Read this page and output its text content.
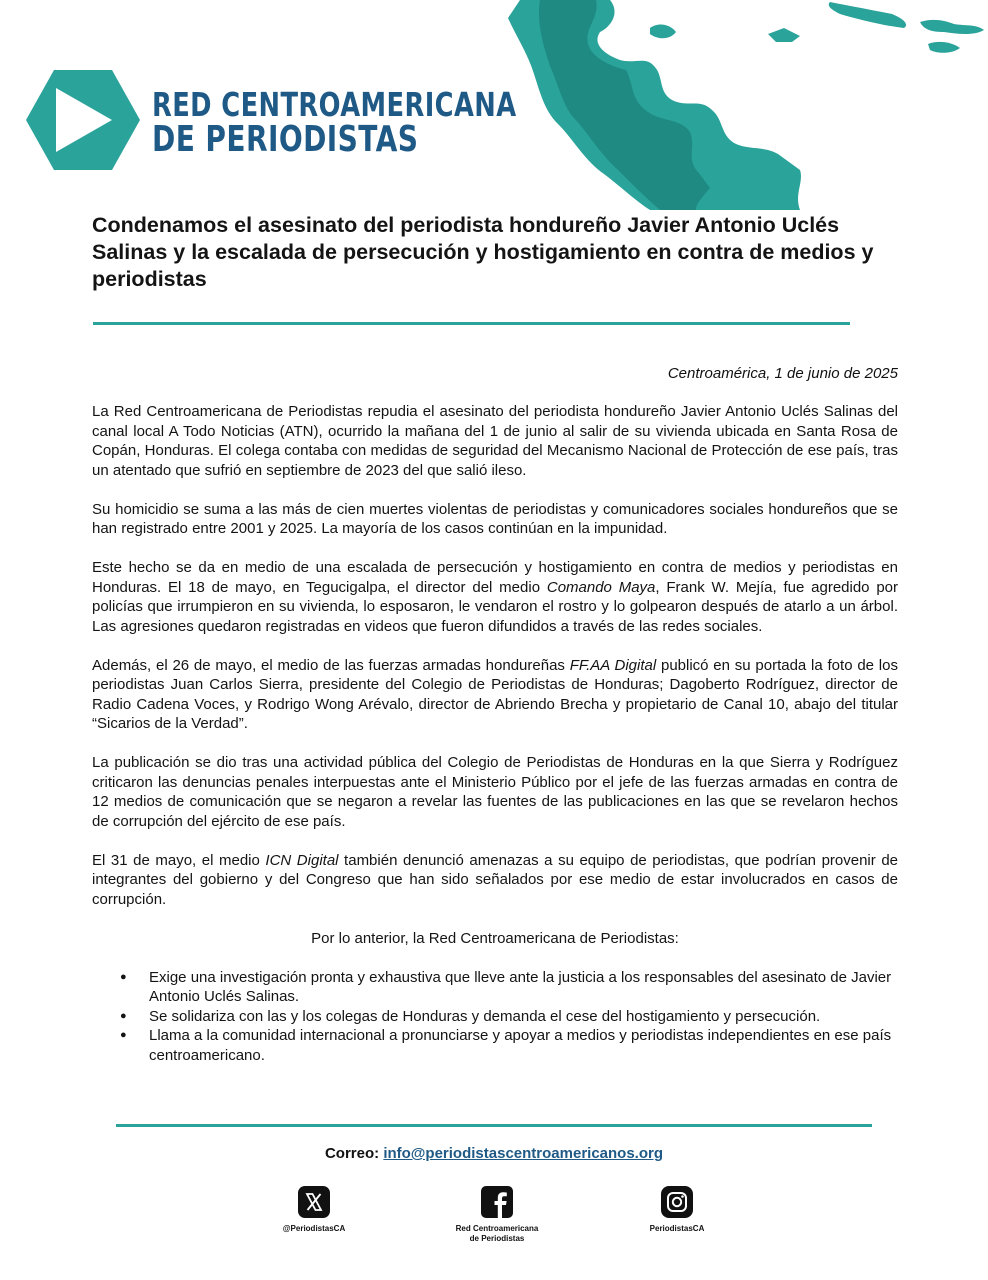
RED CENTROAMERICANA
DE PERIODISTAS
Condenamos el asesinato del periodista hondureño Javier Antonio Uclés Salinas y la escalada de persecución y hostigamiento en contra de medios y periodistas
Centroamérica, 1 de junio de 2025

La Red Centroamericana de Periodistas repudia el asesinato del periodista hondureño Javier Antonio Uclés Salinas del canal local A Todo Noticias (ATN), ocurrido la mañana del 1 de junio al salir de su vivienda ubicada en Santa Rosa de Copán, Honduras. El colega contaba con medidas de seguridad del Mecanismo Nacional de Protección de ese país, tras un atentado que sufrió en septiembre de 2023 del que salió ileso.

Su homicidio se suma a las más de cien muertes violentas de periodistas y comunicadores sociales hondureños que se han registrado entre 2001 y 2025. La mayoría de los casos continúan en la impunidad.

Este hecho se da en medio de una escalada de persecución y hostigamiento en contra de medios y periodistas en Honduras. El 18 de mayo, en Tegucigalpa, el director del medio Comando Maya, Frank W. Mejía, fue agredido por policías que irrumpieron en su vivienda, lo esposaron, le vendaron el rostro y lo golpearon después de atarlo a un árbol. Las agresiones quedaron registradas en videos que fueron difundidos a través de las redes sociales.

Además, el 26 de mayo, el medio de las fuerzas armadas hondureñas FF.AA Digital publicó en su portada la foto de los periodistas Juan Carlos Sierra, presidente del Colegio de Periodistas de Honduras; Dagoberto Rodríguez, director de Radio Cadena Voces, y Rodrigo Wong Arévalo, director de Abriendo Brecha y propietario de Canal 10, abajo del titular “Sicarios de la Verdad”.

La publicación se dio tras una actividad pública del Colegio de Periodistas de Honduras en la que Sierra y Rodríguez criticaron las denuncias penales interpuestas ante el Ministerio Público por el jefe de las fuerzas armadas en contra de 12 medios de comunicación que se negaron a revelar las fuentes de las publicaciones en las que se revelaron hechos de corrupción del ejército de ese país.

El 31 de mayo, el medio ICN Digital también denunció amenazas a su equipo de periodistas, que podrían provenir de integrantes del gobierno y del Congreso que han sido señalados por ese medio de estar involucrados en casos de corrupción.

Por lo anterior, la Red Centroamericana de Periodistas:

● Exige una investigación pronta y exhaustiva que lleve ante la justicia a los responsables del asesinato de Javier Antonio Uclés Salinas.
● Se solidariza con las y los colegas de Honduras y demanda el cese del hostigamiento y persecución.
● Llama a la comunidad internacional a pronunciarse y apoyar a medios y periodistas independientes en ese país centroamericano.
Correo: info@periodistascentroamericanos.org
@PeriodistasCA	Red Centroamericana
de Periodistas
PeriodistasCA
